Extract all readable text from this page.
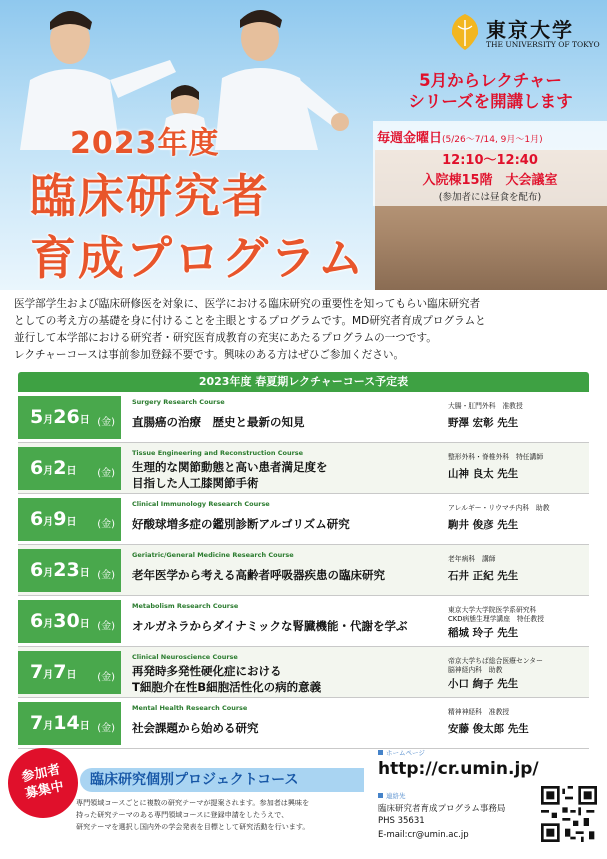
東京大学
THE UNIVERSITY OF TOKYO
5月からレクチャー
シリーズを開講します
毎週金曜日(5/26〜7/14, 9月〜1月)
12:10〜12:40
入院棟15階　大会議室
(参加者には昼食を配布)
2023年度
臨床研究者
育成プログラム
医学部学生および臨床研修医を対象に、医学における臨床研究の重要性を知ってもらい臨床研究者
としての考え方の基礎を身に付けることを主眼とするプログラムです。MD研究者育成プログラムと
並行して本学部における研究者・研究医育成教育の充実にあたるプログラムの一つです。
レクチャーコースは事前参加登録不要です。興味のある方はぜひご参加ください。
2023年度 春夏期レクチャーコース予定表
5月26日 (金)
Surgery Research Course
直腸癌の治療　歴史と最新の知見
大腸・肛門外科　准教授
野澤 宏彰 先生
6月2日 (金)
Tissue Engineering and Reconstruction Course
生理的な関節動態と高い患者満足度を
目指した人工膝関節手術
整形外科・脊椎外科　特任講師
山神 良太 先生
6月9日 (金)
Clinical Immunology Research Course
好酸球増多症の鑑別診断アルゴリズム研究
アレルギー・リウマチ内科　助教
駒井 俊彦 先生
6月23日 (金)
Geriatric/General Medicine Research Course
老年医学から考える高齢者呼吸器疾患の臨床研究
老年病科　講師
石井 正紀 先生
6月30日 (金)
Metabolism Research Course
オルガネラからダイナミックな腎臓機能・代謝を学ぶ
東京大学大学院医学系研究科
CKD病態生理学講座　特任教授
稲城 玲子 先生
7月7日 (金)
Clinical Neuroscience Course
再発時多発性硬化症における
T細胞介在性B細胞活性化の病的意義
帝京大学ちば総合医療センター
脳神経内科　助教
小口 絢子 先生
7月14日 (金)
Mental Health Research Course
社会課題から始める研究
精神神経科　准教授
安藤 俊太郎 先生
参加者
募集中	臨床研究個別プロジェクトコース
専門領域コースごとに複数の研究テーマが提案されます。参加者は興味を
持った研究テーマのある専門領域コースに登録申請をしたうえで、
研究テーマを選択し国内外の学会発表を目標として研究活動を行います。
ホームページ
http://cr.umin.jp/
連絡先
臨床研究者育成プログラム事務局
PHS 35631
E-mail:cr@umin.ac.jp
